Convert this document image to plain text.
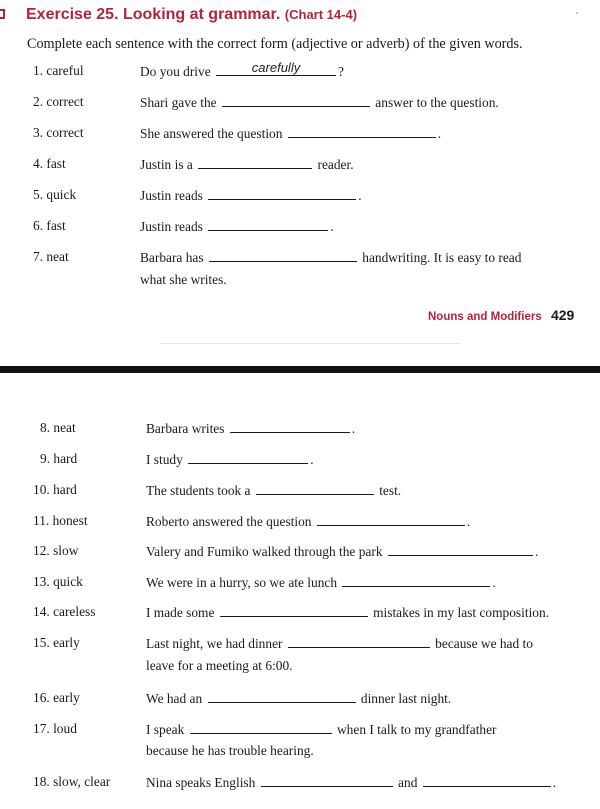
Exercise 25. Looking at grammar. (Chart 14-4)
Complete each sentence with the correct form (adjective or adverb) of the given words.
1. careful	Do you drive	carefully	?
2. correct	Shari gave the	answer to the question.
3. correct	She answered the question	.
4. fast	Justin is a	reader.
5. quick	Justin reads	.
6. fast	Justin reads	.
7. neat	Barbara has	handwriting. It is easy to read
what she writes.
8. neat	Barbara writes	.
9. hard	I study	.
10. hard	The students took a	test.
11. honest	Roberto answered the question	.
12. slow	Valery and Fumiko walked through the park	.
13. quick	We were in a hurry, so we ate lunch	.
14. careless	I made some	mistakes in my last composition.
15. early	Last night, we had dinner	because we had to
leave for a meeting at 6:00.
16. early	We had an	dinner last night.
17. loud	I speak	when I talk to my grandfather
because he has trouble hearing.
18. slow, clear	Nina speaks English	and	.
Nouns and Modifiers 429
